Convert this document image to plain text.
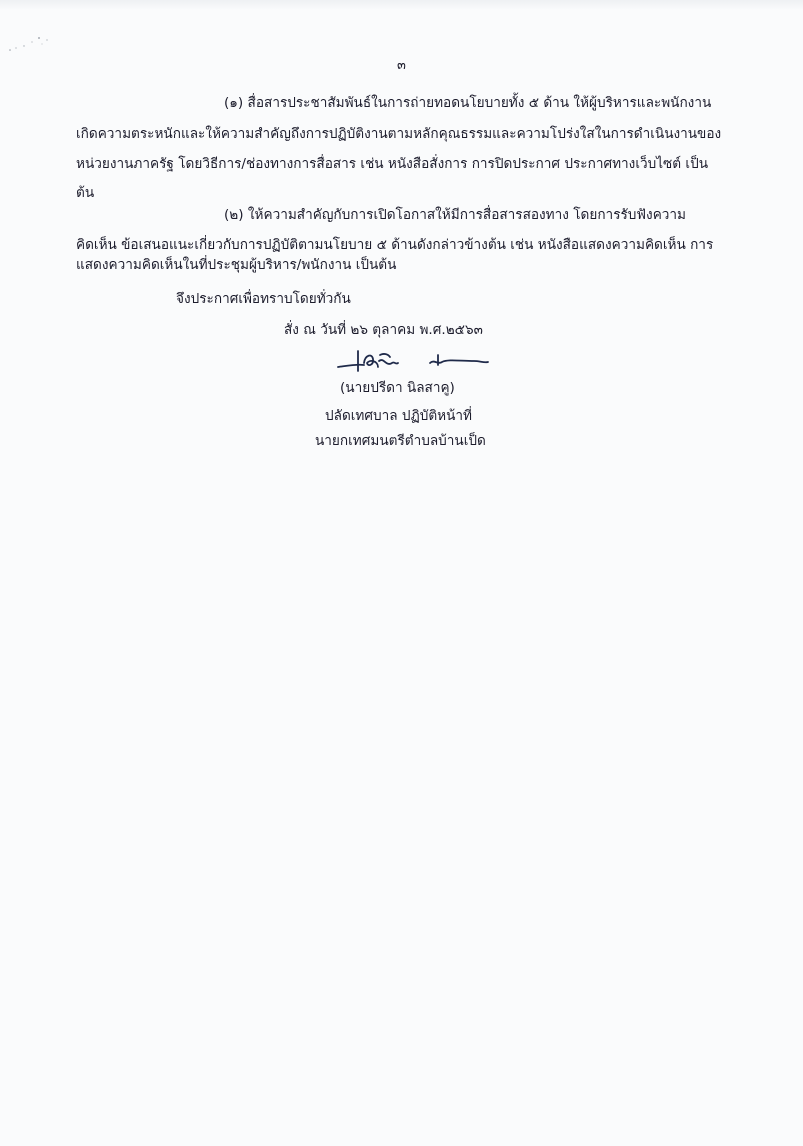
๓
(๑) สื่อสารประชาสัมพันธ์ในการถ่ายทอดนโยบายทั้ง ๕ ด้าน ให้ผู้บริหารและพนักงาน
เกิดความตระหนักและให้ความสำคัญถึงการปฏิบัติงานตามหลักคุณธรรมและความโปร่งใสในการดำเนินงานของ
หน่วยงานภาครัฐ โดยวิธีการ/ช่องทางการสื่อสาร เช่น หนังสือสั่งการ การปิดประกาศ ประกาศทางเว็บไซต์ เป็น
ต้น
(๒) ให้ความสำคัญกับการเปิดโอกาสให้มีการสื่อสารสองทาง โดยการรับฟังความ
คิดเห็น ข้อเสนอแนะเกี่ยวกับการปฏิบัติตามนโยบาย ๕ ด้านดังกล่าวข้างต้น เช่น หนังสือแสดงความคิดเห็น การ
แสดงความคิดเห็นในที่ประชุมผู้บริหาร/พนักงาน เป็นต้น
จึงประกาศเพื่อทราบโดยทั่วกัน
สั่ง ณ วันที่ ๒๖ ตุลาคม พ.ศ.๒๕๖๓
(นายปรีดา นิลสาคู)
ปลัดเทศบาล ปฏิบัติหน้าที่
นายกเทศมนตรีตำบลบ้านเป็ด
